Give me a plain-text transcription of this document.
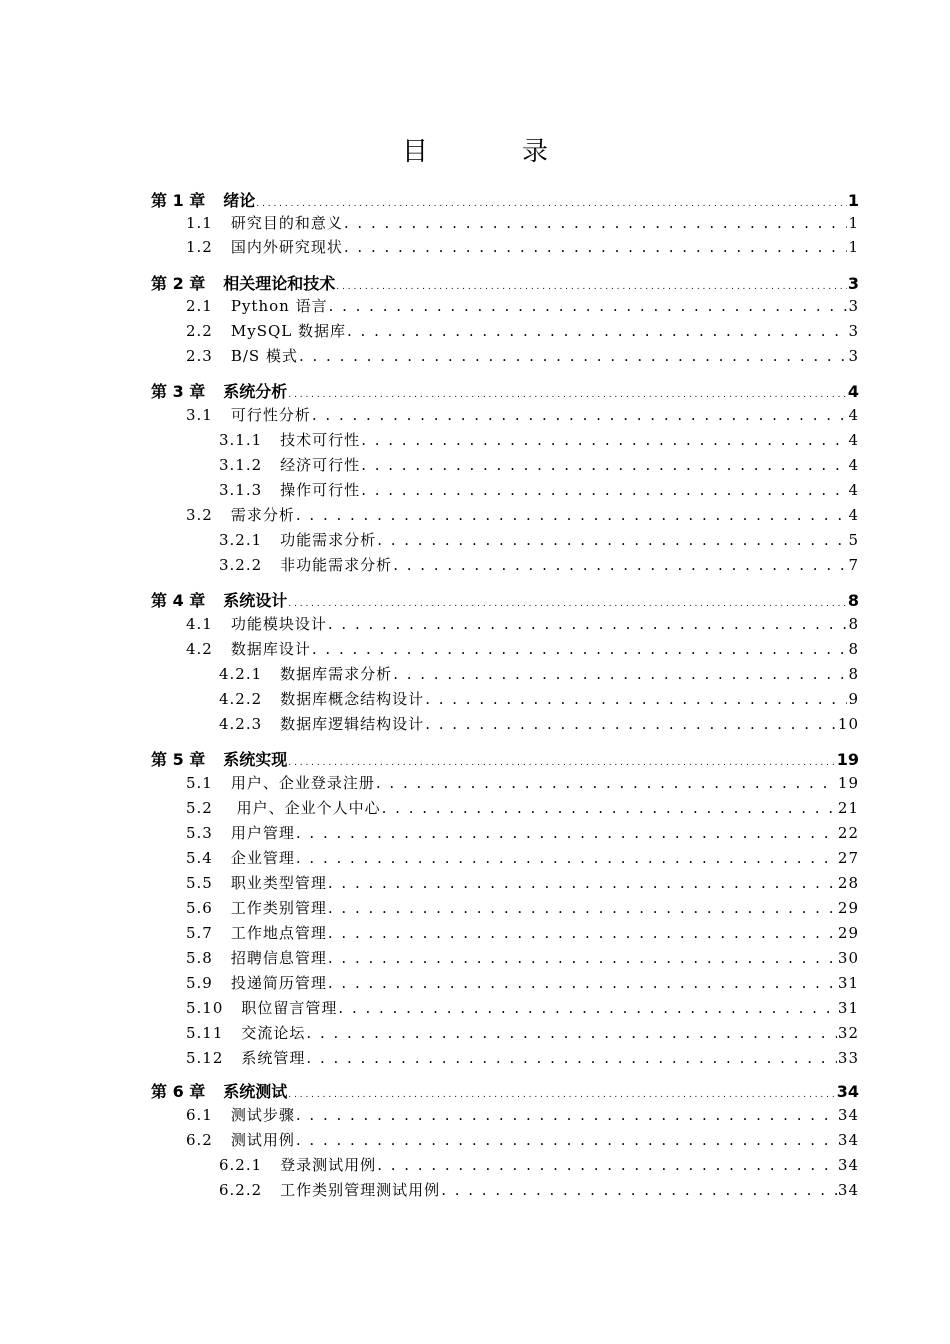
目　录
第 1 章 绪论 . . .	1
1.1 研究目的和意义 . . .	1
1.2 国内外研究现状 . . .	1
第 2 章 相关理论和技术 . . .	3
2.1 Python 语言 . . .	3
2.2 MySQL 数据库 . . .	3
2.3 B/S 模式 . . .	3
第 3 章 系统分析 . . .	4
3.1 可行性分析 . . .	4
3.1.1 技术可行性 . . .	4
3.1.2 经济可行性 . . .	4
3.1.3 操作可行性 . . .	4
3.2 需求分析 . . .	4
3.2.1 功能需求分析 . . .	5
3.2.2 非功能需求分析 . . .	7
第 4 章 系统设计 . . .	8
4.1 功能模块设计 . . .	8
4.2 数据库设计 . . .	8
4.2.1 数据库需求分析 . . .	8
4.2.2 数据库概念结构设计 . . .	9
4.2.3 数据库逻辑结构设计 . . .	10
第 5 章 系统实现 . . .	19
5.1 用户、企业登录注册 . . .	19
5.2 用户、企业个人中心 . . .	21
5.3 用户管理 . . .	22
5.4 企业管理 . . .	27
5.5 职业类型管理 . . .	28
5.6 工作类别管理 . . .	29
5.7 工作地点管理 . . .	29
5.8 招聘信息管理 . . .	30
5.9 投递简历管理 . . .	31
5.10 职位留言管理 . . .	31
5.11 交流论坛 . . .	32
5.12 系统管理 . . .	33
第 6 章 系统测试 . . .	34
6.1 测试步骤 . . .	34
6.2 测试用例 . . .	34
6.2.1 登录测试用例 . . .	34
6.2.2 工作类别管理测试用例 . . .	34
